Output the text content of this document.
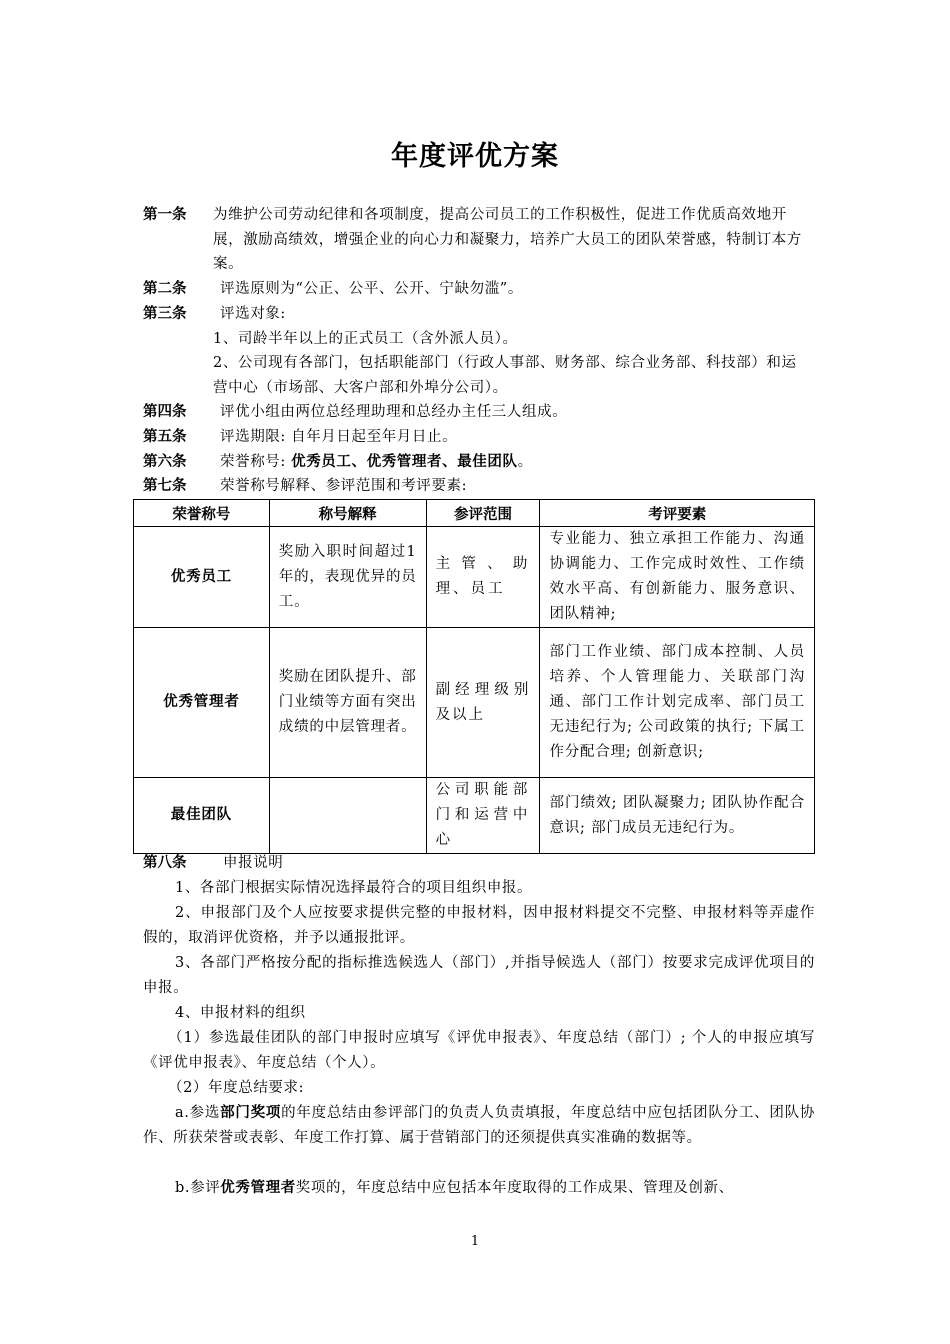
年度评优方案
第一条 为维护公司劳动纪律和各项制度，提高公司员工的工作积极性，促进工作优质高效地开展，激励高绩效，增强企业的向心力和凝聚力，培养广大员工的团队荣誉感，特制订本方案。
第二条 评选原则为“公正、公平、公开、宁缺勿滥”。
第三条 评选对象:
1、司龄半年以上的正式员工（含外派人员）。
2、公司现有各部门，包括职能部门（行政人事部、财务部、综合业务部、科技部）和运营中心（市场部、大客户部和外埠分公司）。
第四条 评优小组由两位总经理助理和总经办主任三人组成。
第五条 评选期限: 自年月日起至年月日止。
第六条 荣誉称号: 优秀员工、优秀管理者、最佳团队。
第七条 荣誉称号解释、参评范围和考评要素:
荣誉称号	称号解释	参评范围	考评要素
优秀员工	奖励入职时间超过1年的，表现优异的员工。	主管、助理、员工	专业能力、独立承担工作能力、沟通协调能力、工作完成时效性、工作绩效水平高、有创新能力、服务意识、团队精神;
优秀管理者	奖励在团队提升、部门业绩等方面有突出成绩的中层管理者。	副经理级别及以上	部门工作业绩、部门成本控制、人员培养、个人管理能力、关联部门沟通、部门工作计划完成率、部门员工无违纪行为; 公司政策的执行; 下属工作分配合理; 创新意识;
最佳团队		公司职能部门和运营中心	部门绩效; 团队凝聚力; 团队协作配合意识; 部门成员无违纪行为。
第八条	申报说明
1、各部门根据实际情况选择最符合的项目组织申报。
2、申报部门及个人应按要求提供完整的申报材料，因申报材料提交不完整、申报材料等弄虚作假的，取消评优资格，并予以通报批评。
3、各部门严格按分配的指标推选候选人（部门）,并指导候选人（部门）按要求完成评优项目的申报。
4、申报材料的组织
（1）参选最佳团队的部门申报时应填写《评优申报表》、年度总结（部门）; 个人的申报应填写《评优申报表》、年度总结（个人）。
（2）年度总结要求:
a.参选部门奖项的年度总结由参评部门的负责人负责填报，年度总结中应包括团队分工、团队协作、所获荣誉或表彰、年度工作打算、属于营销部门的还须提供真实准确的数据等。
b.参评优秀管理者奖项的，年度总结中应包括本年度取得的工作成果、管理及创新、
1
